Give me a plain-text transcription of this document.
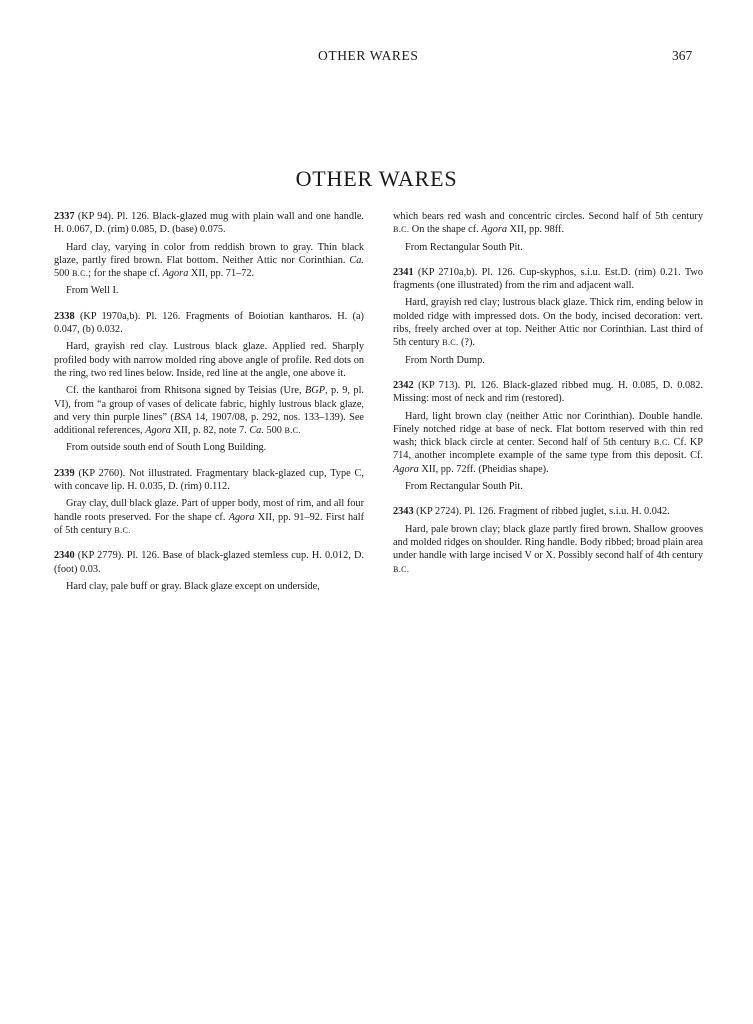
OTHER WARES	367
OTHER WARES

2337 (KP 94). Pl. 126. Black-glazed mug with plain wall and one handle. H. 0.067, D. (rim) 0.085, D. (base) 0.075.

Hard clay, varying in color from reddish brown to gray. Thin black glaze, partly fired brown. Flat bottom. Neither Attic nor Corinthian. Ca. 500 B.C.; for the shape cf. Agora XII, pp. 71–72.

From Well I.

2338 (KP 1970a,b). Pl. 126. Fragments of Boiotian kantharos. H. (a) 0.047, (b) 0.032.

Hard, grayish red clay. Lustrous black glaze. Applied red. Sharply profiled body with narrow molded ring above angle of profile. Red dots on the ring, two red lines below. Inside, red line at the angle, one above it.

Cf. the kantharoi from Rhitsona signed by Teisias (Ure, BGP, p. 9, pl. VI), from “a group of vases of delicate fabric, highly lustrous black glaze, and very thin purple lines” (BSA 14, 1907/08, p. 292, nos. 133–139). See additional references, Agora XII, p. 82, note 7. Ca. 500 B.C.

From outside south end of South Long Building.

2339 (KP 2760). Not illustrated. Fragmentary black-glazed cup, Type C, with concave lip. H. 0.035, D. (rim) 0.112.

Gray clay, dull black glaze. Part of upper body, most of rim, and all four handle roots preserved. For the shape cf. Agora XII, pp. 91–92. First half of 5th century B.C.

2340 (KP 2779). Pl. 126. Base of black-glazed stemless cup. H. 0.012, D. (foot) 0.03.

Hard clay, pale buff or gray. Black glaze except on underside,

which bears red wash and concentric circles. Second half of 5th century B.C. On the shape cf. Agora XII, pp. 98ff.

From Rectangular South Pit.

2341 (KP 2710a,b). Pl. 126. Cup-skyphos, s.i.u. Est.D. (rim) 0.21. Two fragments (one illustrated) from the rim and adjacent wall.

Hard, grayish red clay; lustrous black glaze. Thick rim, ending below in molded ridge with impressed dots. On the body, incised decoration: vert. ribs, freely arched over at top. Neither Attic nor Corinthian. Last third of 5th century B.C. (?).

From North Dump.

2342 (KP 713). Pl. 126. Black-glazed ribbed mug. H. 0.085, D. 0.082. Missing: most of neck and rim (restored).

Hard, light brown clay (neither Attic nor Corinthian). Double handle. Finely notched ridge at base of neck. Flat bottom reserved with thin red wash; thick black circle at center. Second half of 5th century B.C. Cf. KP 714, another incomplete example of the same type from this deposit. Cf. Agora XII, pp. 72ff. (Pheidias shape).

From Rectangular South Pit.

2343 (KP 2724). Pl. 126. Fragment of ribbed juglet, s.i.u. H. 0.042.

Hard, pale brown clay; black glaze partly fired brown. Shallow grooves and molded ridges on shoulder. Ring handle. Body ribbed; broad plain area under handle with large incised V or X. Possibly second half of 4th century B.C.
